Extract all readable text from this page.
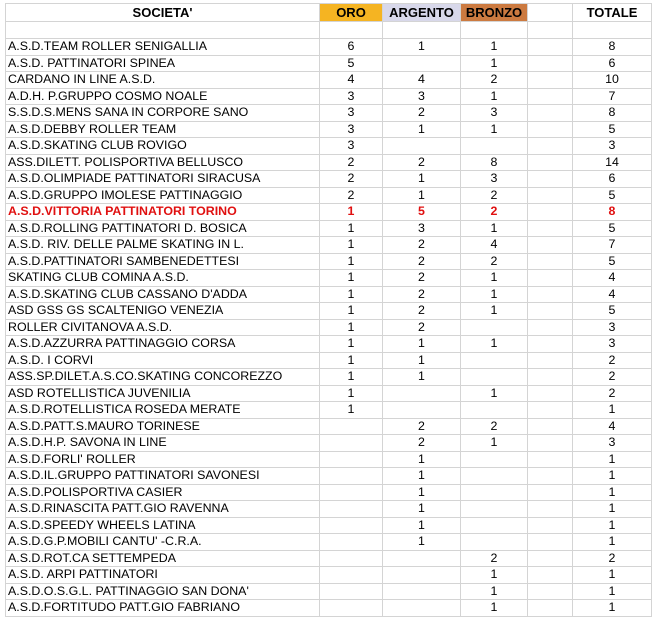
SOCIETA'	ORO	ARGENTO	BRONZO		TOTALE

A.S.D.TEAM ROLLER SENIGALLIA	6	1	1		8
A.S.D. PATTINATORI SPINEA	5		1		6
CARDANO IN LINE A.S.D.	4	4	2		10
A.D.H. P.GRUPPO COSMO NOALE	3	3	1		7
S.S.D.S.MENS SANA IN CORPORE SANO	3	2	3		8
A.S.D.DEBBY ROLLER TEAM	3	1	1		5
A.S.D.SKATING CLUB ROVIGO	3				3
ASS.DILETT. POLISPORTIVA BELLUSCO	2	2	8		14
A.S.D.OLIMPIADE PATTINATORI SIRACUSA	2	1	3		6
A.S.D.GRUPPO IMOLESE PATTINAGGIO	2	1	2		5
A.S.D.VITTORIA PATTINATORI TORINO	1	5	2		8
A.S.D.ROLLING PATTINATORI D. BOSICA	1	3	1		5
A.S.D. RIV. DELLE PALME SKATING IN L.	1	2	4		7
A.S.D.PATTINATORI SAMBENEDETTESI	1	2	2		5
SKATING CLUB COMINA A.S.D.	1	2	1		4
A.S.D.SKATING CLUB CASSANO D'ADDA	1	2	1		4
ASD GSS GS SCALTENIGO VENEZIA	1	2	1		5
ROLLER CIVITANOVA A.S.D.	1	2			3
A.S.D.AZZURRA PATTINAGGIO CORSA	1	1	1		3
A.S.D. I CORVI	1	1			2
ASS.SP.DILET.A.S.CO.SKATING CONCOREZZO	1	1			2
ASD ROTELLISTICA JUVENILIA	1		1		2
A.S.D.ROTELLISTICA ROSEDA MERATE	1				1
A.S.D.PATT.S.MAURO TORINESE		2	2		4
A.S.D.H.P. SAVONA IN LINE		2	1		3
A.S.D.FORLI' ROLLER		1			1
A.S.D.IL.GRUPPO PATTINATORI SAVONESI		1			1
A.S.D.POLISPORTIVA CASIER		1			1
A.S.D.RINASCITA PATT.GIO RAVENNA		1			1
A.S.D.SPEEDY WHEELS LATINA		1			1
A.S.D.G.P.MOBILI CANTU' -C.R.A.		1			1
A.S.D.ROT.CA SETTEMPEDA			2		2
A.S.D. ARPI PATTINATORI			1		1
A.S.D.O.S.G.L. PATTINAGGIO SAN DONA'			1		1
A.S.D.FORTITUDO PATT.GIO FABRIANO			1		1
